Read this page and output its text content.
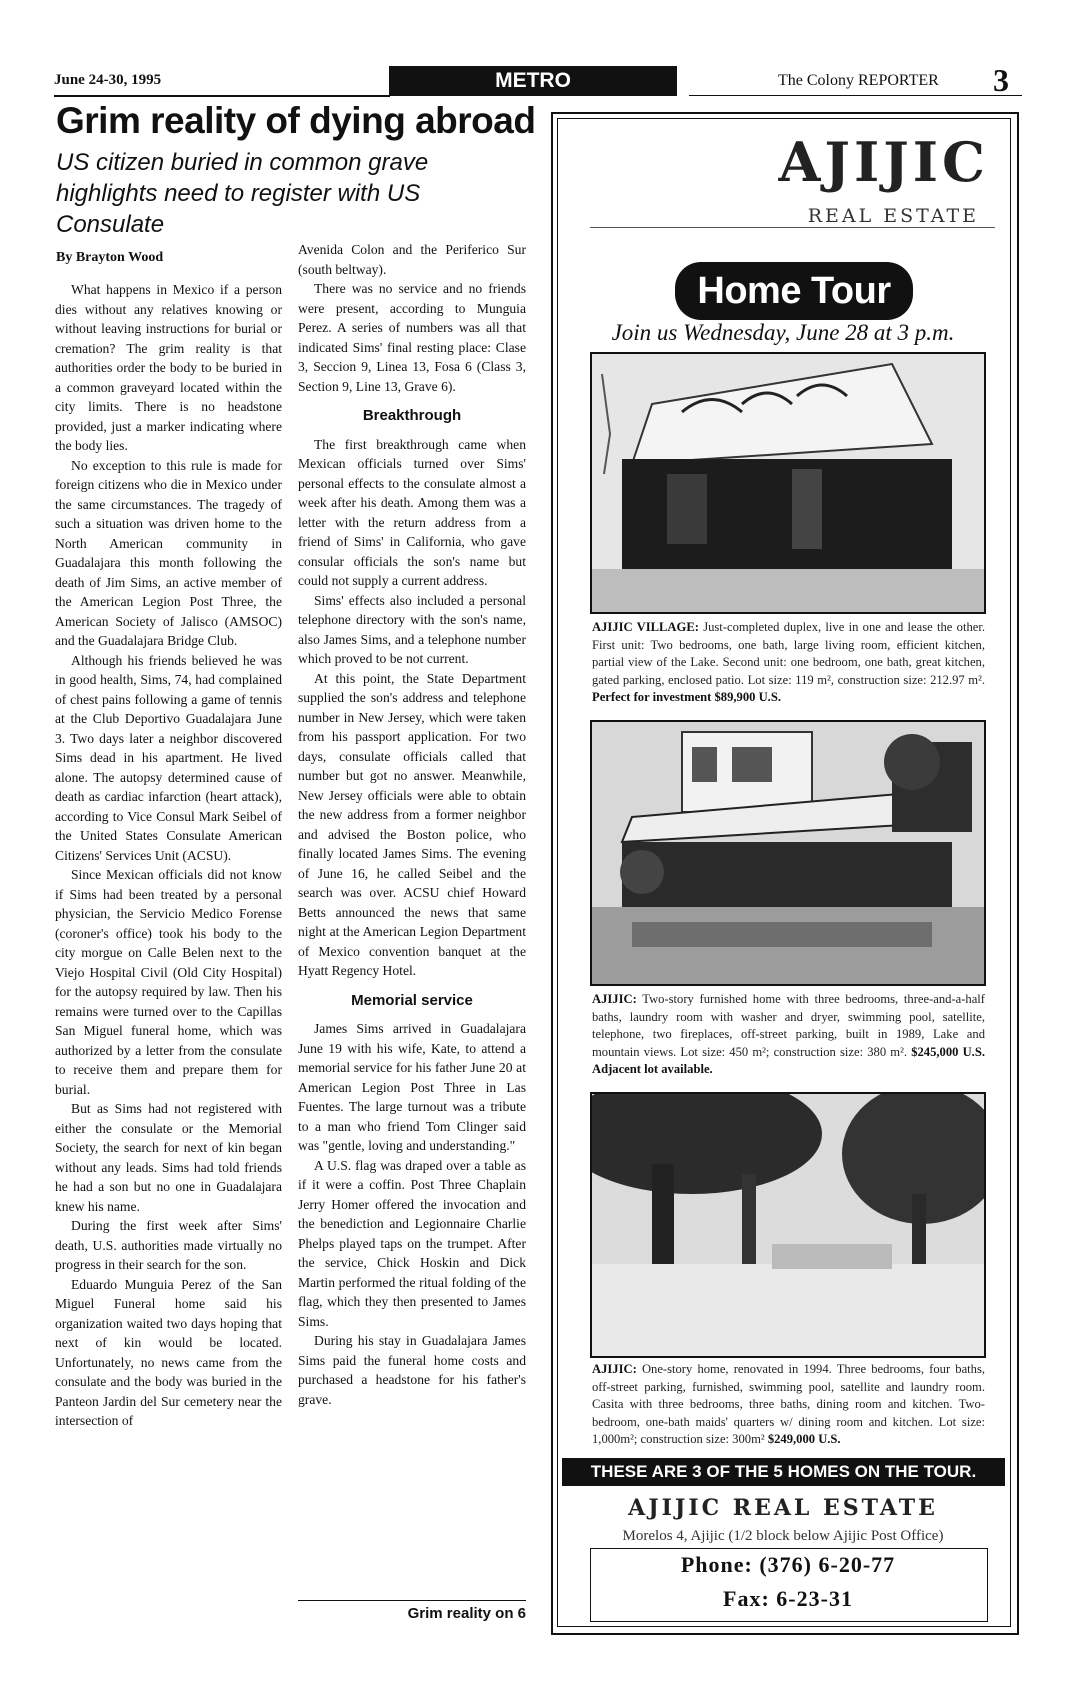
June 24-30, 1995	METRO	The Colony REPORTER 3
Grim reality of dying abroad
US citizen buried in common grave highlights need to register with US Consulate
By Brayton Wood

What happens in Mexico if a person dies without any relatives knowing or without leaving instructions for burial or cremation? The grim reality is that authorities order the body to be buried in a common graveyard located within the city limits. There is no headstone provided, just a marker indicating where the body lies.

No exception to this rule is made for foreign citizens who die in Mexico under the same circumstances. The tragedy of such a situation was driven home to the North American community in Guadalajara this month following the death of Jim Sims, an active member of the American Legion Post Three, the American Society of Jalisco (AMSOC) and the Guadalajara Bridge Club.

Although his friends believed he was in good health, Sims, 74, had complained of chest pains following a game of tennis at the Club Deportivo Guadalajara June 3. Two days later a neighbor discovered Sims dead in his apartment. He lived alone. The autopsy determined cause of death as cardiac infarction (heart attack), according to Vice Consul Mark Seibel of the United States Consulate American Citizens' Services Unit (ACSU).

Since Mexican officials did not know if Sims had been treated by a personal physician, the Servicio Medico Forense (coroner's office) took his body to the city morgue on Calle Belen next to the Viejo Hospital Civil (Old City Hospital) for the autopsy required by law. Then his remains were turned over to the Capillas San Miguel funeral home, which was authorized by a letter from the consulate to receive them and prepare them for burial.

But as Sims had not registered with either the consulate or the Memorial Society, the search for next of kin began without any leads. Sims had told friends he had a son but no one in Guadalajara knew his name.

During the first week after Sims' death, U.S. authorities made virtually no progress in their search for the son.

Eduardo Munguia Perez of the San Miguel Funeral home said his organization waited two days hoping that next of kin would be located. Unfortunately, no news came from the consulate and the body was buried in the Panteon Jardin del Sur cemetery near the intersection of

Avenida Colon and the Periferico Sur (south beltway).

There was no service and no friends were present, according to Munguia Perez. A series of numbers was all that indicated Sims' final resting place: Clase 3, Seccion 9, Linea 13, Fosa 6 (Class 3, Section 9, Line 13, Grave 6).

Breakthrough

The first breakthrough came when Mexican officials turned over Sims' personal effects to the consulate almost a week after his death. Among them was a letter with the return address from a friend of Sims' in California, who gave consular officials the son's name but could not supply a current address.

Sims' effects also included a personal telephone directory with the son's name, also James Sims, and a telephone number which proved to be not current.

At this point, the State Department supplied the son's address and telephone number in New Jersey, which were taken from his passport application. For two days, consulate officials called that number but got no answer. Meanwhile, New Jersey officials were able to obtain the new address from a former neighbor and advised the Boston police, who finally located James Sims. The evening of June 16, he called Seibel and the search was over. ACSU chief Howard Betts announced the news that same night at the American Legion Department of Mexico convention banquet at the Hyatt Regency Hotel.

Memorial service

James Sims arrived in Guadalajara June 19 with his wife, Kate, to attend a memorial service for his father June 20 at American Legion Post Three in Las Fuentes. The large turnout was a tribute to a man who friend Tom Clinger said was "gentle, loving and understanding."

A U.S. flag was draped over a table as if it were a coffin. Post Three Chaplain Jerry Homer offered the invocation and the benediction and Legionnaire Charlie Phelps played taps on the trumpet. After the service, Chick Hoskin and Dick Martin performed the ritual folding of the flag, which they then presented to James Sims.

During his stay in Guadalajara James Sims paid the funeral home costs and purchased a headstone for his father's grave.

Grim reality on 6
AJIJIC
REAL ESTATE
Home Tour
Join us Wednesday, June 28 at 3 p.m.
AJIJIC VILLAGE: Just-completed duplex, live in one and lease the other. First unit: Two bedrooms, one bath, large living room, efficient kitchen, partial view of the Lake. Second unit: one bedroom, one bath, great kitchen, gated parking, enclosed patio. Lot size: 119 m², construction size: 212.97 m². Perfect for investment $89,900 U.S.
AJIJIC: Two-story furnished home with three bedrooms, three-and-a-half baths, laundry room with washer and dryer, swimming pool, satellite, telephone, two fireplaces, off-street parking, built in 1989, Lake and mountain views. Lot size: 450 m²; construction size: 380 m². $245,000 U.S. Adjacent lot available.
AJIJIC: One-story home, renovated in 1994. Three bedrooms, four baths, off-street parking, furnished, swimming pool, satellite and laundry room. Casita with three bedrooms, three baths, dining room and kitchen. Two-bedroom, one-bath maids' quarters w/ dining room and kitchen. Lot size: 1,000m²; construction size: 300m² $249,000 U.S.
THESE ARE 3 OF THE 5 HOMES ON THE TOUR.
AJIJIC REAL ESTATE
Morelos 4, Ajijic (1/2 block below Ajijic Post Office)
Phone: (376) 6-20-77
Fax: 6-23-31
